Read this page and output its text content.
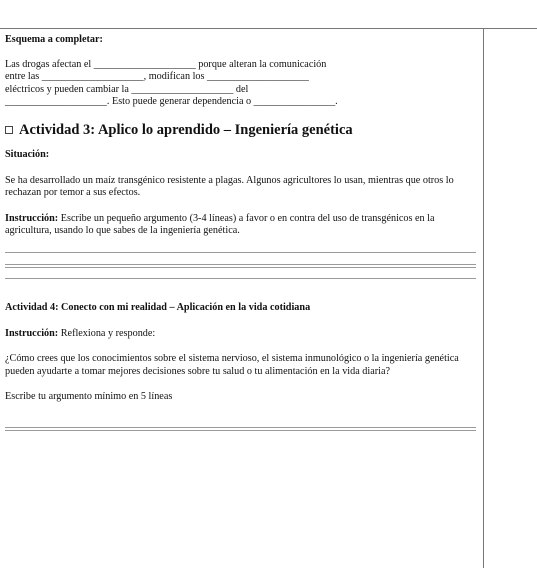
Esquema a completar:
Las drogas afectan el ____________________ porque alteran la comunicación
entre las ____________________, modifican los ____________________
eléctricos y pueden cambiar la ____________________ del
____________________. Esto puede generar dependencia o ________________.
Actividad 3: Aplico lo aprendido – Ingeniería genética
Situación:
Se ha desarrollado un maíz transgénico resistente a plagas. Algunos agricultores lo usan, mientras que otros lo rechazan por temor a sus efectos.
Instrucción: Escribe un pequeño argumento (3-4 líneas) a favor o en contra del uso de transgénicos en la agricultura, usando lo que sabes de la ingeniería genética.
Actividad 4: Conecto con mi realidad – Aplicación en la vida cotidiana
Instrucción: Reflexiona y responde:
¿Cómo crees que los conocimientos sobre el sistema nervioso, el sistema inmunológico o la ingeniería genética pueden ayudarte a tomar mejores decisiones sobre tu salud o tu alimentación en la vida diaria?
Escribe tu argumento mínimo en 5 líneas
